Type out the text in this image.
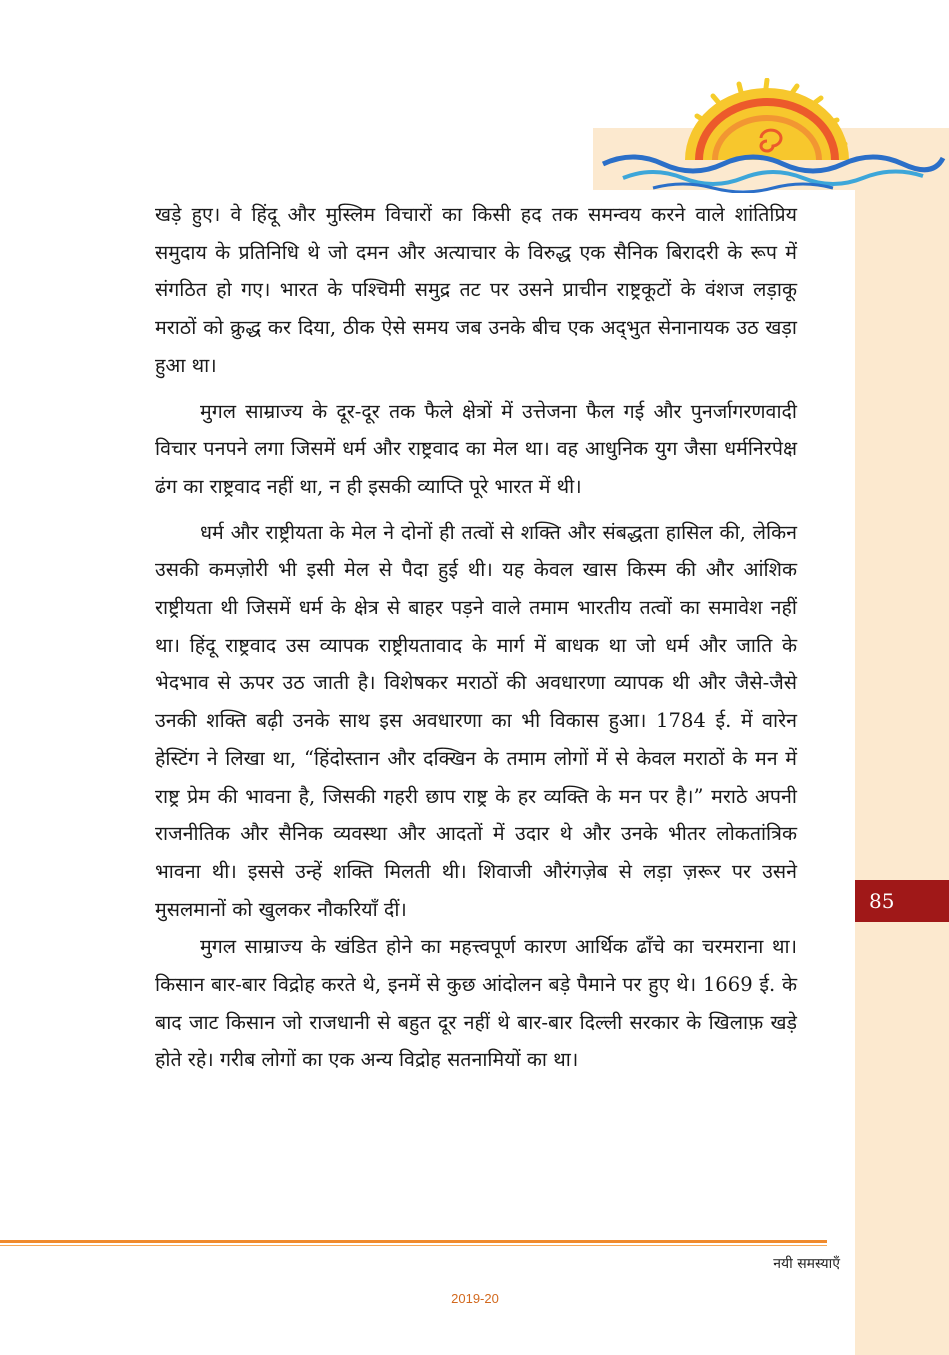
खड़े हुए। वे हिंदू और मुस्लिम विचारों का किसी हद तक समन्वय करने वाले शांतिप्रिय समुदाय के प्रतिनिधि थे जो दमन और अत्याचार के विरुद्ध एक सैनिक बिरादरी के रूप में संगठित हो गए। भारत के पश्चिमी समुद्र तट पर उसने प्राचीन राष्ट्रकूटों के वंशज लड़ाकू मराठों को क्रुद्ध कर दिया, ठीक ऐसे समय जब उनके बीच एक अद्‌भुत सेनानायक उठ खड़ा हुआ था।

मुगल साम्राज्य के दूर-दूर तक फैले क्षेत्रों में उत्तेजना फैल गई और पुनर्जागरणवादी विचार पनपने लगा जिसमें धर्म और राष्ट्रवाद का मेल था। वह आधुनिक युग जैसा धर्मनिरपेक्ष ढंग का राष्ट्रवाद नहीं था, न ही इसकी व्याप्ति पूरे भारत में थी।

धर्म और राष्ट्रीयता के मेल ने दोनों ही तत्वों से शक्ति और संबद्धता हासिल की, लेकिन उसकी कमज़ोरी भी इसी मेल से पैदा हुई थी। यह केवल खास किस्म की और आंशिक राष्ट्रीयता थी जिसमें धर्म के क्षेत्र से बाहर पड़ने वाले तमाम भारतीय तत्वों का समावेश नहीं था। हिंदू राष्ट्रवाद उस व्यापक राष्ट्रीयतावाद के मार्ग में बाधक था जो धर्म और जाति के भेदभाव से ऊपर उठ जाती है। विशेषकर मराठों की अवधारणा व्यापक थी और जैसे-जैसे उनकी शक्ति बढ़ी उनके साथ इस अवधारणा का भी विकास हुआ। 1784 ई. में वारेन हेस्टिंग ने लिखा था, “हिंदोस्तान और दक्खिन के तमाम लोगों में से केवल मराठों के मन में राष्ट्र प्रेम की भावना है, जिसकी गहरी छाप राष्ट्र के हर व्यक्ति के मन पर है।” मराठे अपनी राजनीतिक और सैनिक व्यवस्था और आदतों में उदार थे और उनके भीतर लोकतांत्रिक भावना थी। इससे उन्हें शक्ति मिलती थी। शिवाजी औरंगज़ेब से लड़ा ज़रूर पर उसने मुसलमानों को खुलकर नौकरियाँ दीं।

मुगल साम्राज्य के खंडित होने का महत्त्वपूर्ण कारण आर्थिक ढाँचे का चरमराना था। किसान बार-बार विद्रोह करते थे, इनमें से कुछ आंदोलन बड़े पैमाने पर हुए थे। 1669 ई. के बाद जाट किसान जो राजधानी से बहुत दूर नहीं थे बार-बार दिल्ली सरकार के खिलाफ़ खड़े होते रहे। गरीब लोगों का एक अन्य विद्रोह सतनामियों का था।

85
नयी समस्याएँ
2019-20
